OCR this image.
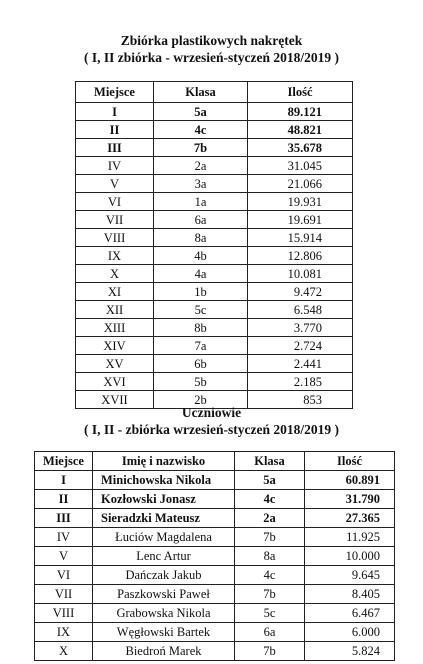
Zbiórka plastikowych nakrętek
( I, II zbiórka - wrzesień-styczeń 2018/2019 )
Miejsce	Klasa	Ilość
I	5a	89.121
II	4c	48.821
III	7b	35.678
IV	2a	31.045
V	3a	21.066
VI	1a	19.931
VII	6a	19.691
VIII	8a	15.914
IX	4b	12.806
X	4a	10.081
XI	1b	9.472
XII	5c	6.548
XIII	8b	3.770
XIV	7a	2.724
XV	6b	2.441
XVI	5b	2.185
XVII	2b	853
Uczniowie
( I, II - zbiórka wrzesień-styczeń 2018/2019 )
Miejsce	Imię i nazwisko	Klasa	Ilość
I	Minichowska Nikola	5a	60.891
II	Kozłowski Jonasz	4c	31.790
III	Sieradzki Mateusz	2a	27.365
IV	Łuciów Magdalena	7b	11.925
V	Lenc Artur	8a	10.000
VI	Dańczak Jakub	4c	9.645
VII	Paszkowski Paweł	7b	8.405
VIII	Grabowska Nikola	5c	6.467
IX	Węgłowski Bartek	6a	6.000
X	Biedroń Marek	7b	5.824
